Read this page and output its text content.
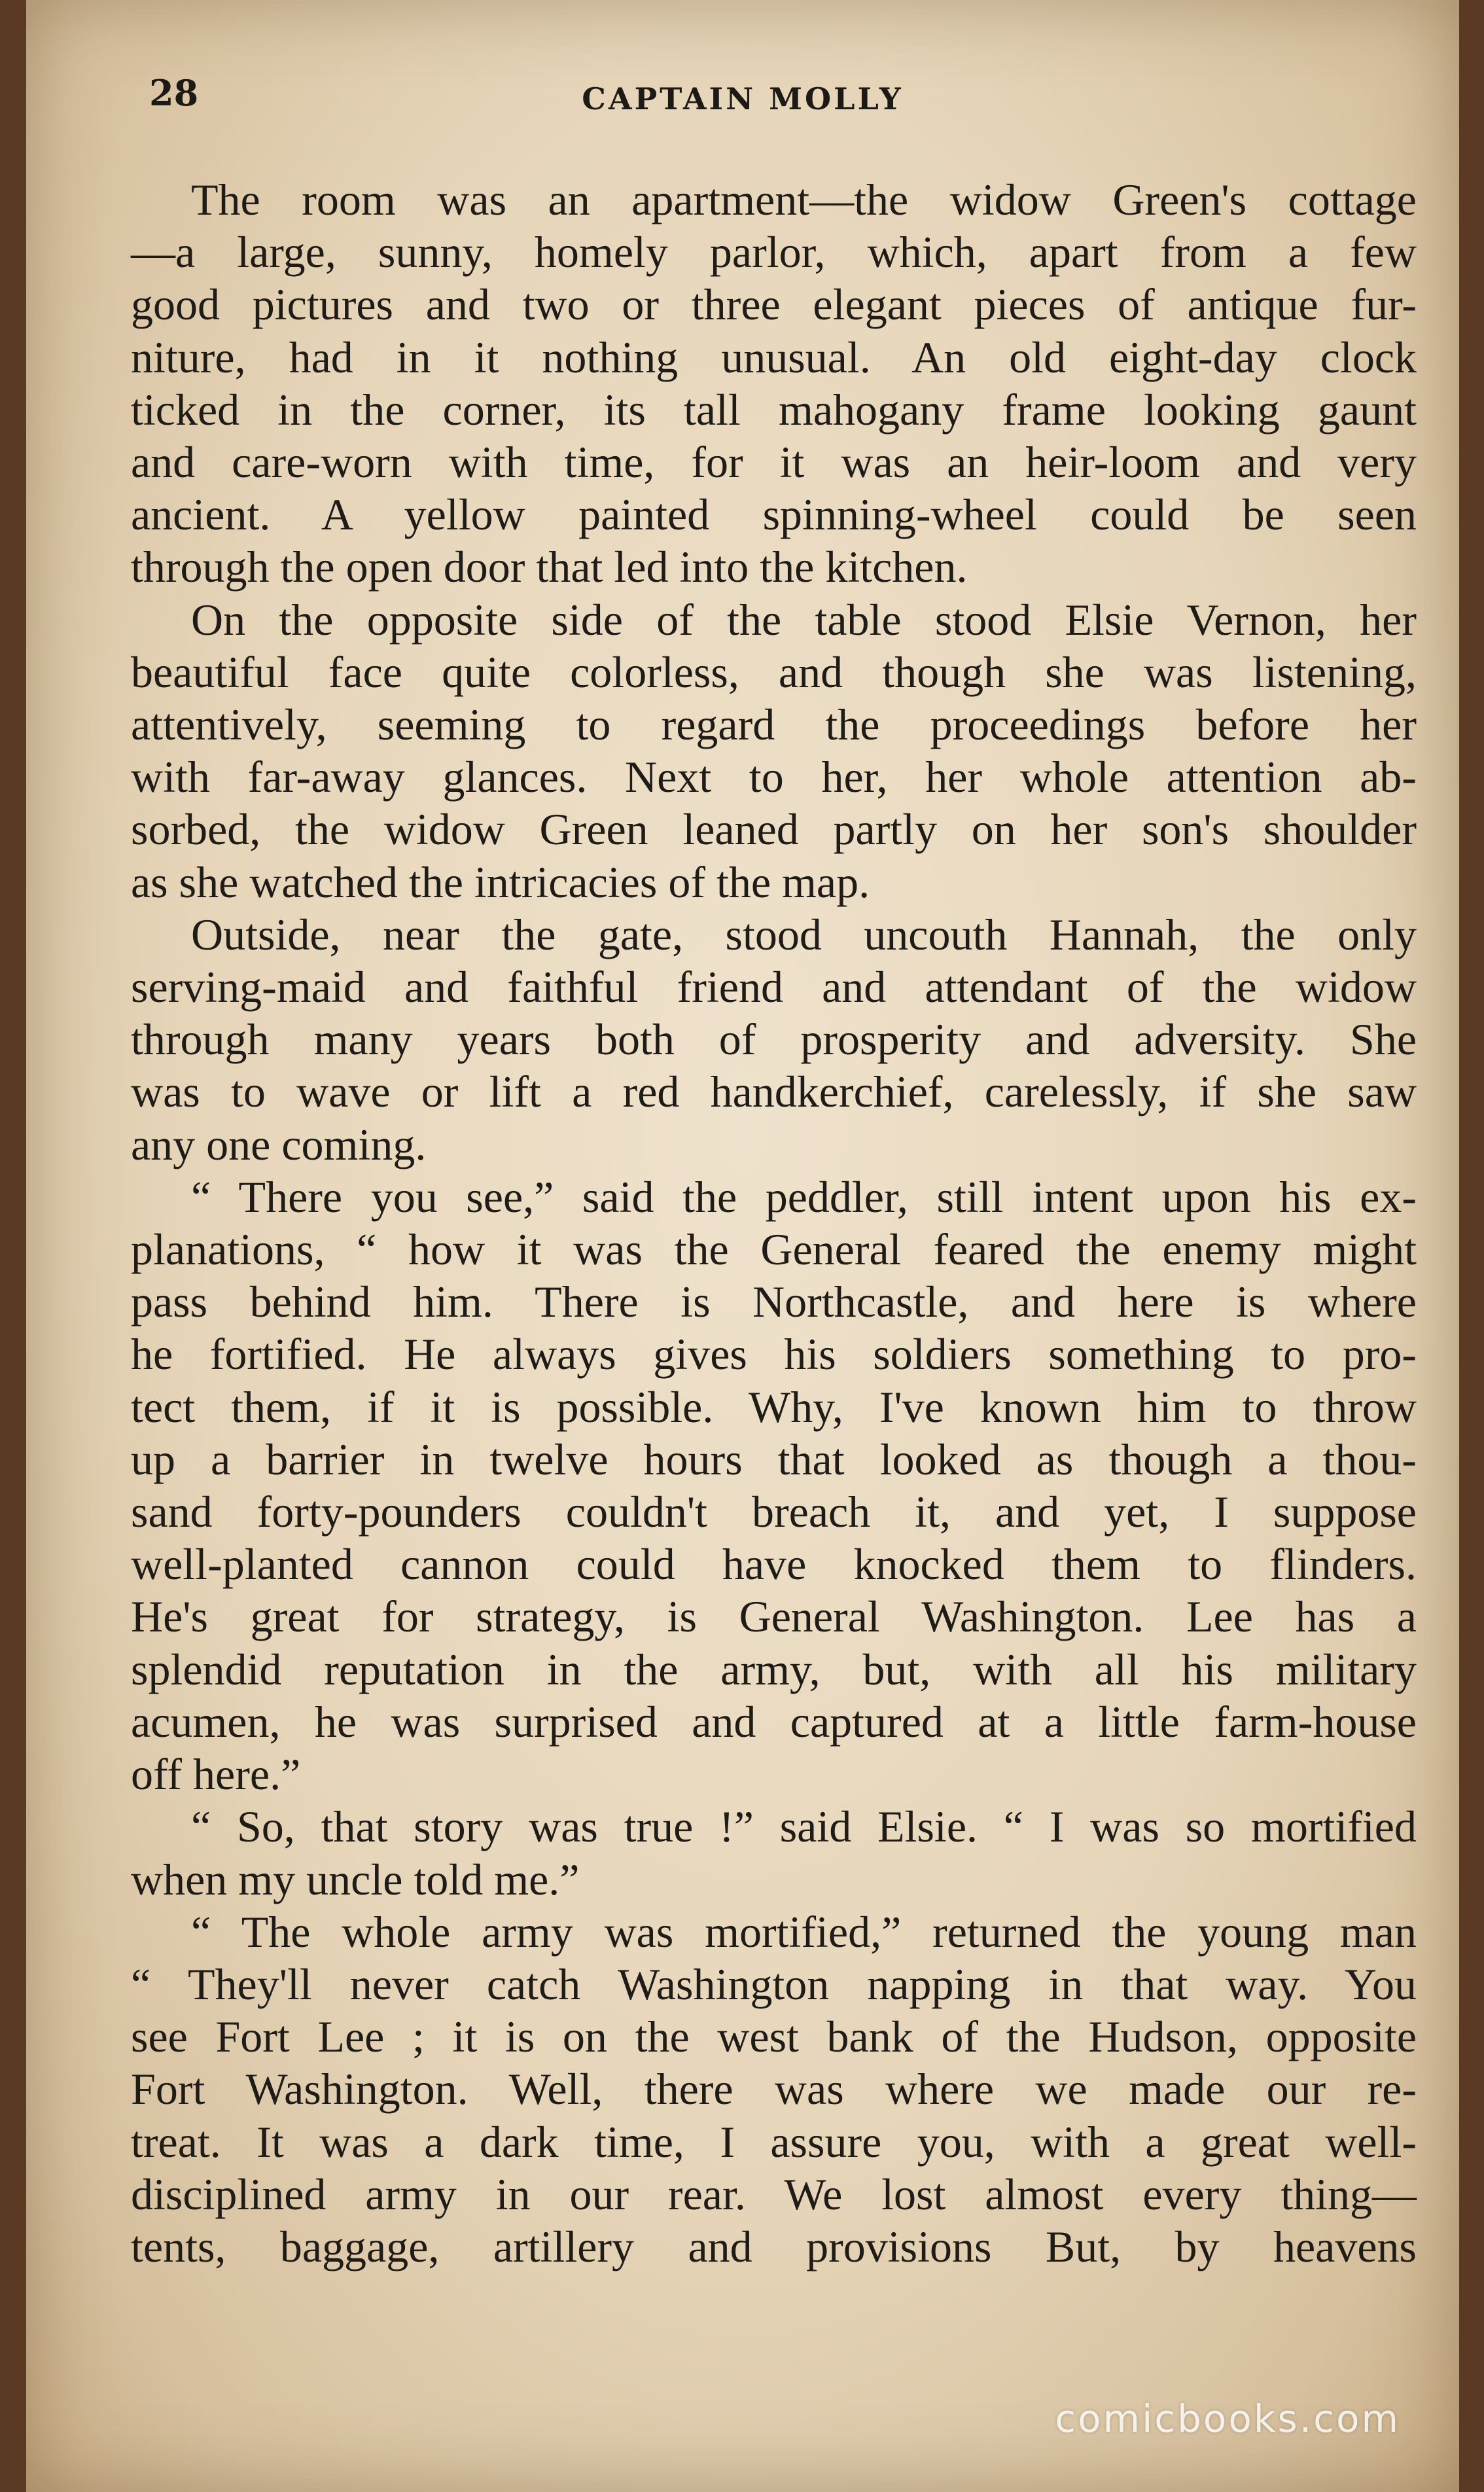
28	CAPTAIN MOLLY
The room was an apartment—the widow Green's cottage
—a large, sunny, homely parlor, which, apart from a few
good pictures and two or three elegant pieces of antique fur-
niture, had in it nothing unusual. An old eight-day clock
ticked in the corner, its tall mahogany frame looking gaunt
and care-worn with time, for it was an heir-loom and very
ancient. A yellow painted spinning-wheel could be seen
through the open door that led into the kitchen.
On the opposite side of the table stood Elsie Vernon, her
beautiful face quite colorless, and though she was listening,
attentively, seeming to regard the proceedings before her
with far-away glances. Next to her, her whole attention ab-
sorbed, the widow Green leaned partly on her son's shoulder
as she watched the intricacies of the map.
Outside, near the gate, stood uncouth Hannah, the only
serving-maid and faithful friend and attendant of the widow
through many years both of prosperity and adversity. She
was to wave or lift a red handkerchief, carelessly, if she saw
any one coming.
“ There you see,” said the peddler, still intent upon his ex-
planations, “ how it was the General feared the enemy might
pass behind him. There is Northcastle, and here is where
he fortified. He always gives his soldiers something to pro-
tect them, if it is possible. Why, I've known him to throw
up a barrier in twelve hours that looked as though a thou-
sand forty-pounders couldn't breach it, and yet, I suppose
well-planted cannon could have knocked them to flinders.
He's great for strategy, is General Washington. Lee has a
splendid reputation in the army, but, with all his military
acumen, he was surprised and captured at a little farm-house
off here.”
“ So, that story was true !” said Elsie. “ I was so mortified
when my uncle told me.”
“ The whole army was mortified,” returned the young man
“ They'll never catch Washington napping in that way. You
see Fort Lee ; it is on the west bank of the Hudson, opposite
Fort Washington. Well, there was where we made our re-
treat. It was a dark time, I assure you, with a great well-
disciplined army in our rear. We lost almost every thing—
tents, baggage, artillery and provisions But, by heavens
comicbooks.com
